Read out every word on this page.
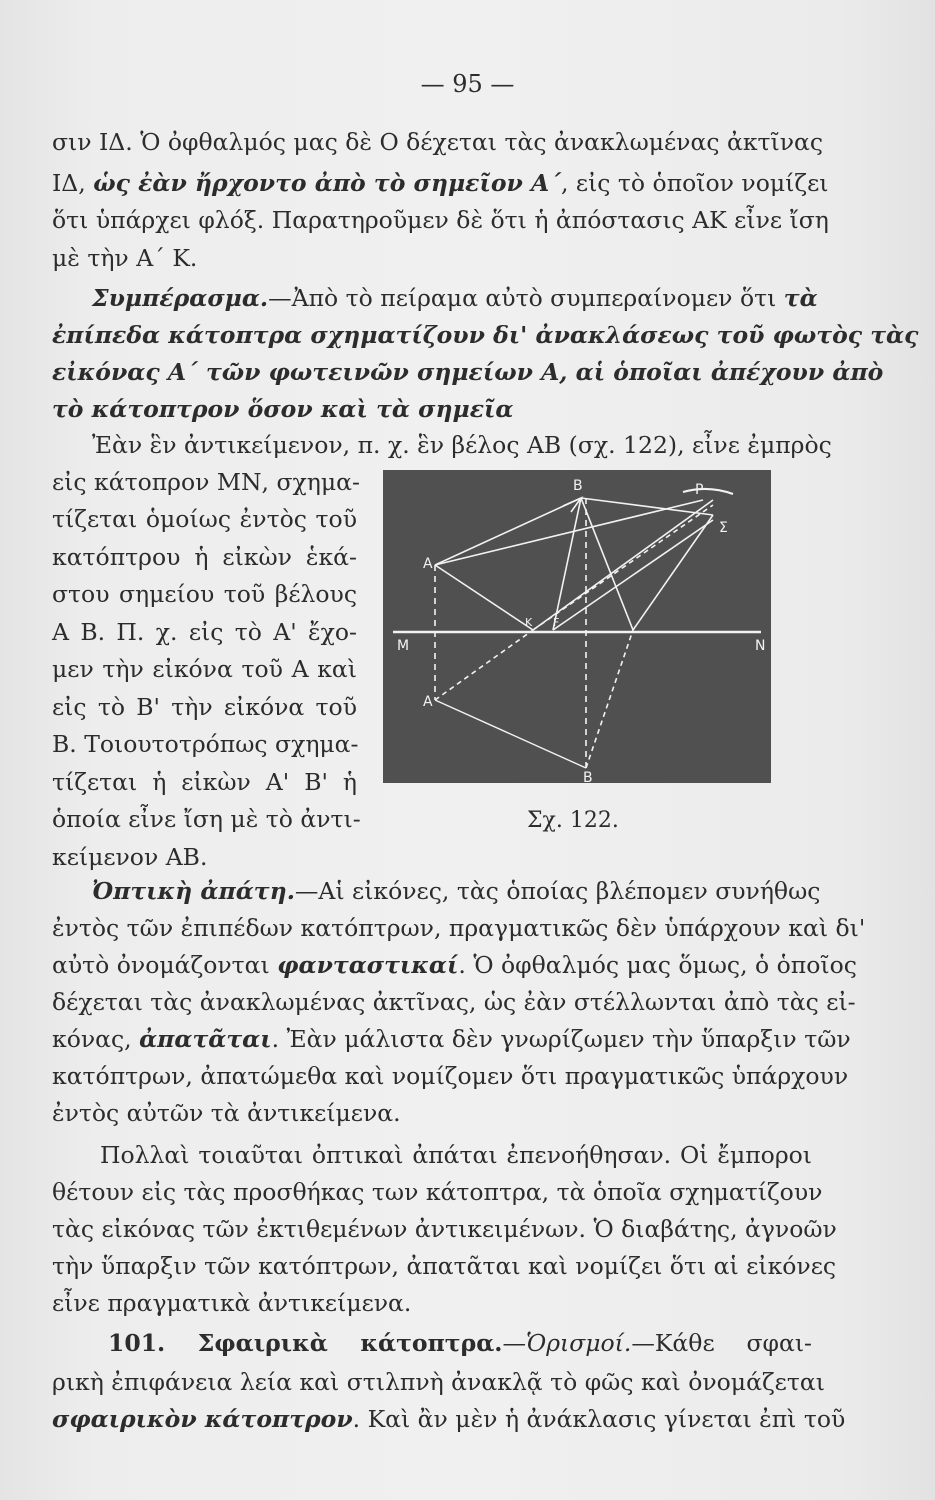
— 95 —
σιν ΙΔ. Ὁ ὀφθαλμός μας δὲ Ο δέχεται τὰς ἀνακλωμένας ἀκτῖνας
ΙΔ, ὡς ἐὰν ἤρχοντο ἀπὸ τὸ σημεῖον Α΄, εἰς τὸ ὁποῖον νομίζει
ὅτι ὑπάρχει φλόξ. Παρατηροῦμεν δὲ ὅτι ἡ ἀπόστασις ΑΚ εἶνε ἴση
μὲ τὴν Α΄ Κ.
Συμπέρασμα.—Ἀπὸ τὸ πείραμα αὐτὸ συμπεραίνομεν ὅτι τὰ
ἐπίπεδα κάτοπτρα σχηματίζουν δι' ἀνακλάσεως τοῦ φωτὸς τὰς
εἰκόνας Α΄ τῶν φωτεινῶν σημείων Α, αἱ ὁποῖαι ἀπέχουν ἀπὸ
τὸ κάτοπτρον ὅσον καὶ τὰ σημεῖα
Ἐὰν ἓν ἀντικείμενον, π. χ. ἓν βέλος ΑΒ (σχ. 122), εἶνε ἐμπρὸς
εἰς κάτοπρον ΜΝ, σχημα-
τίζεται ὁμοίως ἐντὸς τοῦ
κατόπτρου ἡ εἰκὼν ἑκά-
στου σημείου τοῦ βέλους
Α Β. Π. χ. εἰς τὸ Α' ἔχο-
μεν τὴν εἰκόνα τοῦ Α καὶ
εἰς τὸ Β' τὴν εἰκόνα τοῦ
Β. Τοιουτοτρόπως σχημα-
τίζεται ἡ εἰκὼν Α' Β' ἡ
ὁποία εἶνε ἴση μὲ τὸ ἀντι-
κείμενον ΑΒ.
B	P
Σ
A
M	N
A
B
K F
Σχ. 122.
Ὀπτικὴ ἀπάτη.—Αἱ εἰκόνες, τὰς ὁποίας βλέπομεν συνήθως
ἐντὸς τῶν ἐπιπέδων κατόπτρων, πραγματικῶς δὲν ὑπάρχουν καὶ δι'
αὐτὸ ὀνομάζονται φανταστικαί. Ὁ ὀφθαλμός μας ὅμως, ὁ ὁποῖος
δέχεται τὰς ἀνακλωμένας ἀκτῖνας, ὡς ἐὰν στέλλωνται ἀπὸ τὰς εἰ-
κόνας, ἀπατᾶται. Ἐὰν μάλιστα δὲν γνωρίζωμεν τὴν ὕπαρξιν τῶν
κατόπτρων, ἀπατώμεθα καὶ νομίζομεν ὅτι πραγματικῶς ὑπάρχουν
ἐντὸς αὐτῶν τὰ ἀντικείμενα.
Πολλαὶ τοιαῦται ὀπτικαὶ ἀπάται ἐπενοήθησαν. Οἱ ἔμποροι
θέτουν εἰς τὰς προσθήκας των κάτοπτρα, τὰ ὁποῖα σχηματίζουν
τὰς εἰκόνας τῶν ἐκτιθεμένων ἀντικειμένων. Ὁ διαβάτης, ἀγνοῶν
τὴν ὕπαρξιν τῶν κατόπτρων, ἀπατᾶται καὶ νομίζει ὅτι αἱ εἰκόνες
εἶνε πραγματικὰ ἀντικείμενα.
101. Σφαιρικὰ κάτοπτρα.—Ὁρισμοί.—Κάθε σφαι-
ρικὴ ἐπιφάνεια λεία καὶ στιλπνὴ ἀνακλᾷ τὸ φῶς καὶ ὀνομάζεται
σφαιρικὸν κάτοπτρον. Καὶ ἂν μὲν ἡ ἀνάκλασις γίνεται ἐπὶ τοῦ
